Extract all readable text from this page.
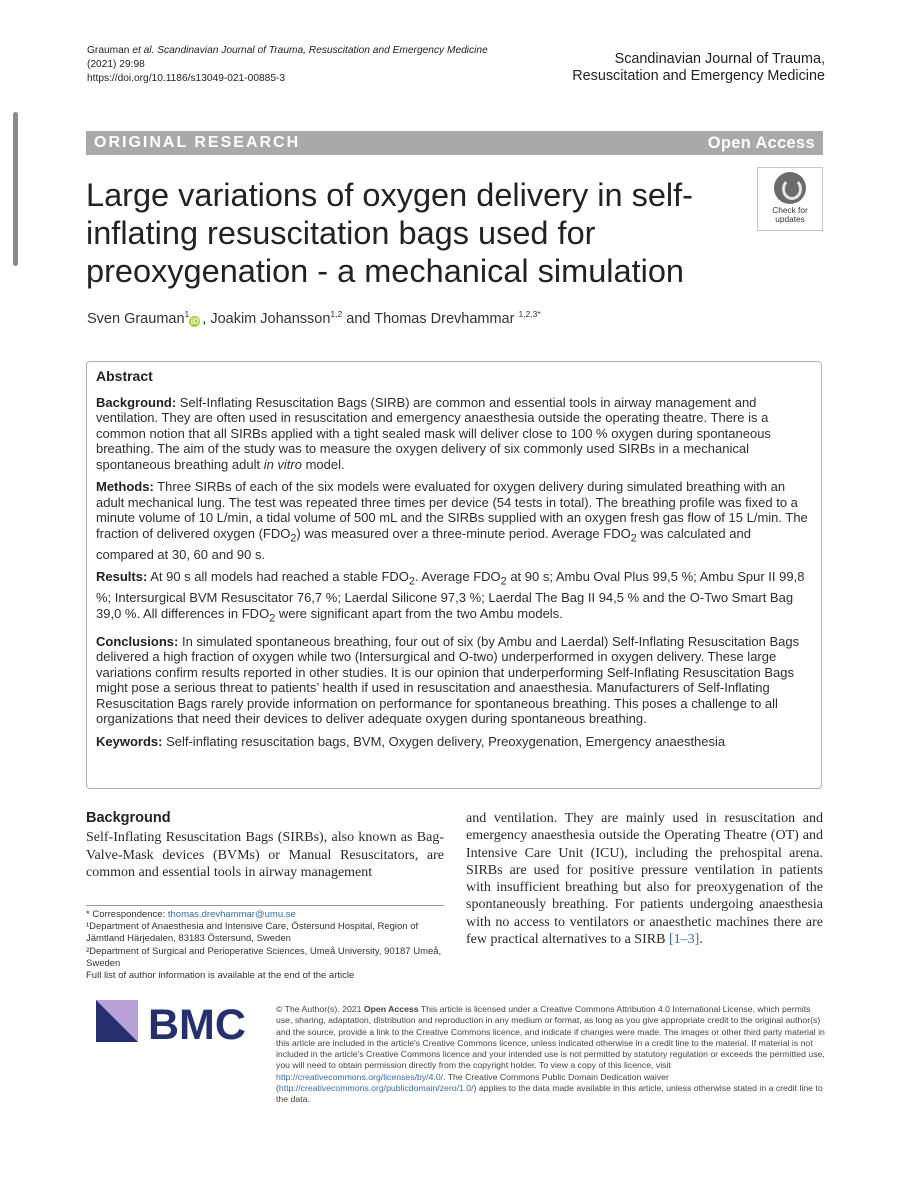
Grauman et al. Scandinavian Journal of Trauma, Resuscitation and Emergency Medicine
(2021) 29:98
https://doi.org/10.1186/s13049-021-00885-3
Scandinavian Journal of Trauma,
Resuscitation and Emergency Medicine
ORIGINAL RESEARCH	Open Access
Large variations of oxygen delivery in self-inflating resuscitation bags used for preoxygenation - a mechanical simulation
Check for
updates
Sven Grauman$^1$iD , Joakim Johansson$^{1,2}$ and Thomas Drevhammar $^{1,2,3*}$
Abstract

Background: Self-Inflating Resuscitation Bags (SIRB) are common and essential tools in airway management and ventilation. They are often used in resuscitation and emergency anaesthesia outside the operating theatre. There is a common notion that all SIRBs applied with a tight sealed mask will deliver close to 100 % oxygen during spontaneous breathing. The aim of the study was to measure the oxygen delivery of six commonly used SIRBs in a mechanical spontaneous breathing adult in vitro model.

Methods: Three SIRBs of each of the six models were evaluated for oxygen delivery during simulated breathing with an adult mechanical lung. The test was repeated three times per device (54 tests in total). The breathing profile was fixed to a minute volume of 10 L/min, a tidal volume of 500 mL and the SIRBs supplied with an oxygen fresh gas flow of 15 L/min. The fraction of delivered oxygen $(FDO_2)$ was measured over a three-minute period. Average $FDO_2$ was calculated and compared at 30, 60 and 90 s.

Results: At 90 s all models had reached a stable $FDO_2$. Average $FDO_2$ at 90 s; Ambu Oval Plus 99,5 %; Ambu Spur II 99,8 %; Intersurgical BVM Resuscitator 76,7 %; Laerdal Silicone 97,3 %; Laerdal The Bag II 94,5 % and the O-Two Smart Bag 39,0 %. All differences in $FDO_2$ were significant apart from the two Ambu models.

Conclusions: In simulated spontaneous breathing, four out of six (by Ambu and Laerdal) Self-Inflating Resuscitation Bags delivered a high fraction of oxygen while two (Intersurgical and O-two) underperformed in oxygen delivery. These large variations confirm results reported in other studies. It is our opinion that underperforming Self-Inflating Resuscitation Bags might pose a serious threat to patients’ health if used in resuscitation and anaesthesia. Manufacturers of Self-Inflating Resuscitation Bags rarely provide information on performance for spontaneous breathing. This poses a challenge to all organizations that need their devices to deliver adequate oxygen during spontaneous breathing.

Keywords: Self-inflating resuscitation bags, BVM, Oxygen delivery, Preoxygenation, Emergency anaesthesia

Background
Self-Inflating Resuscitation Bags (SIRBs), also known as Bag-Valve-Mask devices (BVMs) or Manual Resuscitators, are common and essential tools in airway management
and ventilation. They are mainly used in resuscitation and emergency anaesthesia outside the Operating Theatre (OT) and Intensive Care Unit (ICU), including the prehospital arena. SIRBs are used for positive pressure ventilation in patients with insufficient breathing but also for preoxygenation of the spontaneously breathing. For patients undergoing anaesthesia with no access to ventilators or anaesthetic machines there are few practical alternatives to a SIRB [1–3].
* Correspondence: thomas.drevhammar@umu.se
¹Department of Anaesthesia and Intensive Care, Östersund Hospital, Region of Jämtland Härjedalen, 83183 Östersund, Sweden
²Department of Surgical and Perioperative Sciences, Umeå University, 90187 Umeå, Sweden
Full list of author information is available at the end of the article
BMC	© The Author(s). 2021 Open Access This article is licensed under a Creative Commons Attribution 4.0 International License, which permits use, sharing, adaptation, distribution and reproduction in any medium or format, as long as you give appropriate credit to the original author(s) and the source, provide a link to the Creative Commons licence, and indicate if changes were made. The images or other third party material in this article are included in the article's Creative Commons licence, unless indicated otherwise in a credit line to the material. If material is not included in the article's Creative Commons licence and your intended use is not permitted by statutory regulation or exceeds the permitted use, you will need to obtain permission directly from the copyright holder. To view a copy of this licence, visit http://creativecommons.org/licenses/by/4.0/. The Creative Commons Public Domain Dedication waiver (http://creativecommons.org/publicdomain/zero/1.0/) applies to the data made available in this article, unless otherwise stated in a credit line to the data.
